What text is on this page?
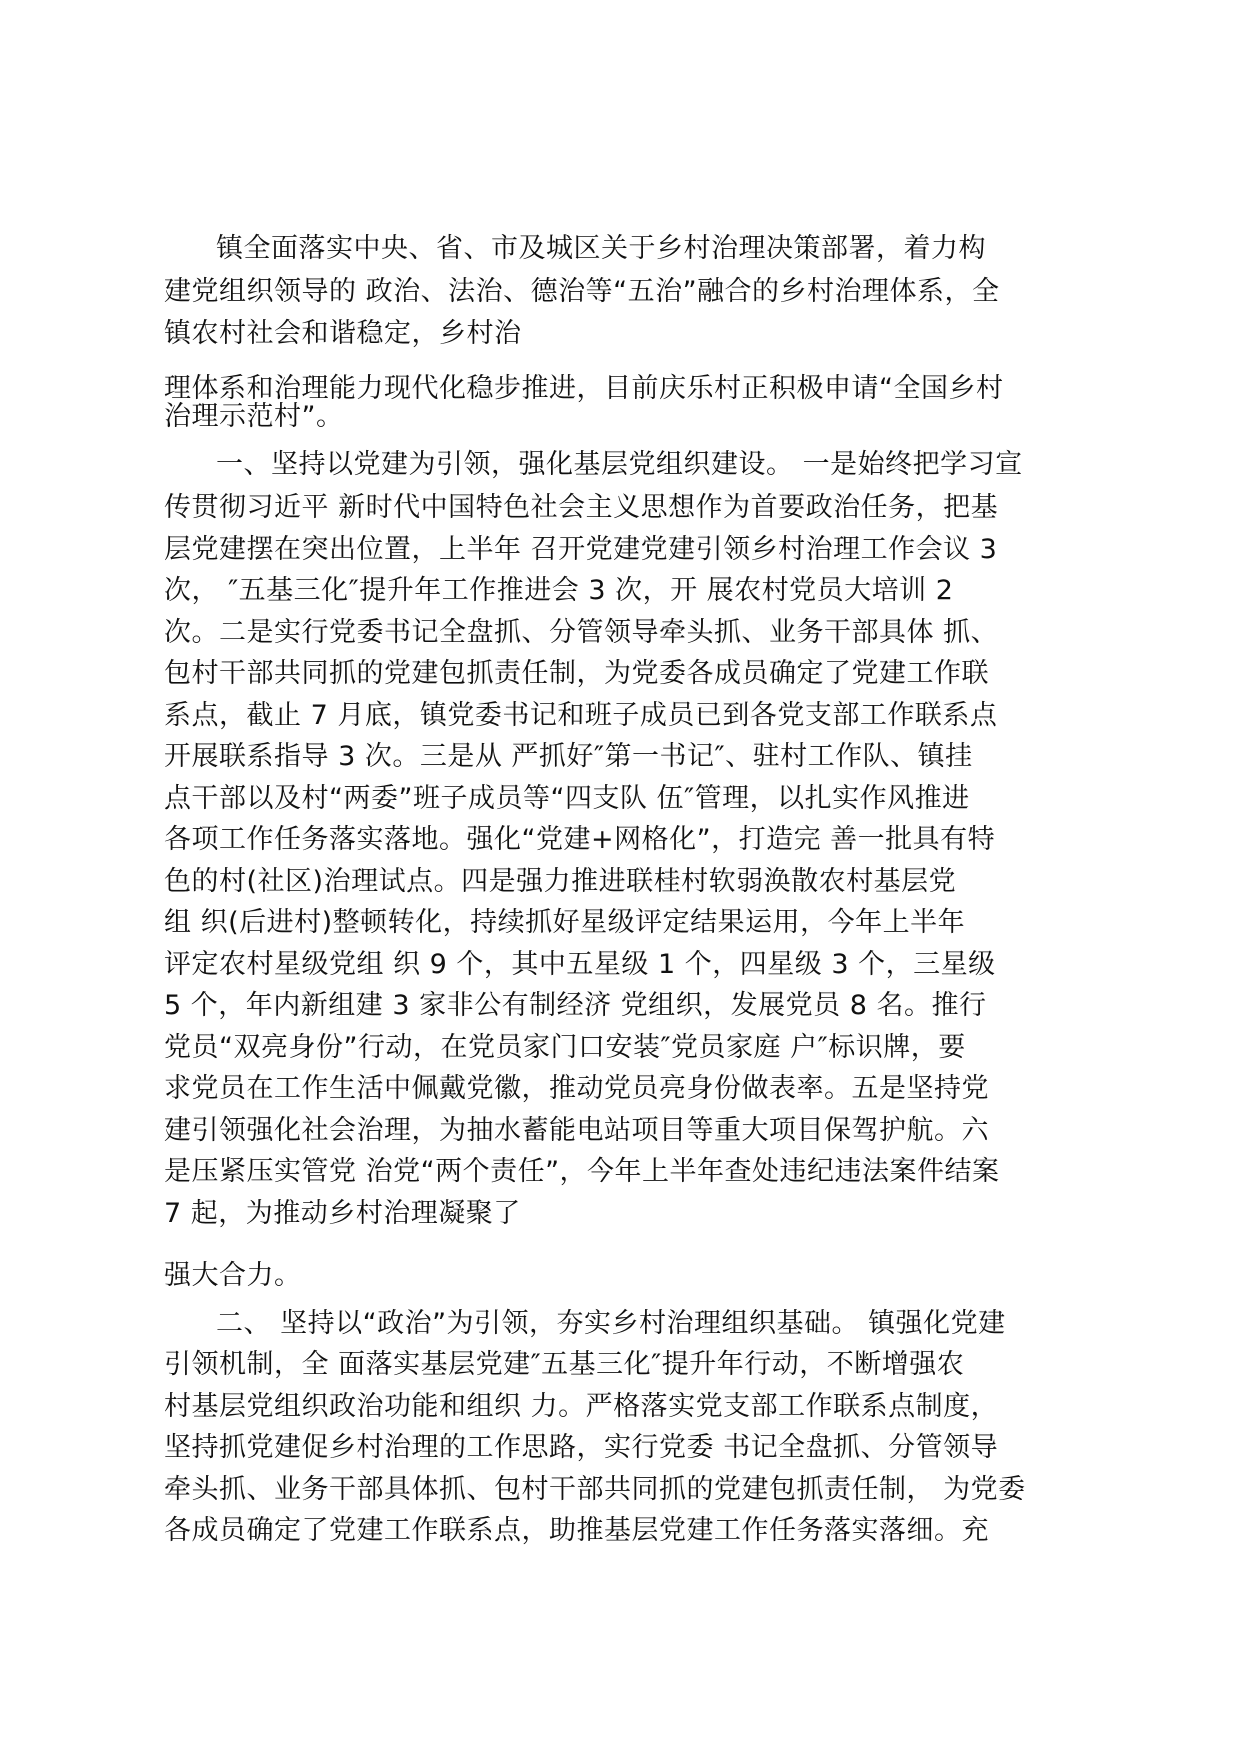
镇全面落实中央、省、市及城区关于乡村治理决策部署，着力构
建党组织领导的 政治、法治、德治等“五治”融合的乡村治理体系，全
镇农村社会和谐稳定，乡村治
理体系和治理能力现代化稳步推进，目前庆乐村正积极申请“全国乡村
治理示范村”。
一、坚持以党建为引领，强化基层党组织建设。 一是始终把学习宣
传贯彻习近平 新时代中国特色社会主义思想作为首要政治任务，把基
层党建摆在突出位置，上半年 召开党建党建引领乡村治理工作会议 3
次， ″五基三化″提升年工作推进会 3 次，开 展农村党员大培训 2
次。二是实行党委书记全盘抓、分管领导牵头抓、业务干部具体 抓、
包村干部共同抓的党建包抓责任制，为党委各成员确定了党建工作联
系点，截止 7 月底，镇党委书记和班子成员已到各党支部工作联系点
开展联系指导 3 次。三是从 严抓好″第一书记″、驻村工作队、镇挂
点干部以及村“两委”班子成员等“四支队 伍″管理，以扎实作风推进
各项工作任务落实落地。强化“党建+网格化”，打造完 善一批具有特
色的村(社区)治理试点。四是强力推进联桂村软弱涣散农村基层党
组 织(后进村)整顿转化，持续抓好星级评定结果运用，今年上半年
评定农村星级党组 织 9 个，其中五星级 1 个，四星级 3 个，三星级
5 个，年内新组建 3 家非公有制经济 党组织，发展党员 8 名。推行
党员“双亮身份”行动，在党员家门口安装″党员家庭 户″标识牌，要
求党员在工作生活中佩戴党徽，推动党员亮身份做表率。五是坚持党
建引领强化社会治理，为抽水蓄能电站项目等重大项目保驾护航。六
是压紧压实管党 治党“两个责任”，今年上半年查处违纪违法案件结案
7 起，为推动乡村治理凝聚了
强大合力。
二、 坚持以“政治”为引领，夯实乡村治理组织基础。 镇强化党建
引领机制，全 面落实基层党建″五基三化″提升年行动，不断增强农
村基层党组织政治功能和组织 力。严格落实党支部工作联系点制度，
坚持抓党建促乡村治理的工作思路，实行党委 书记全盘抓、分管领导
牵头抓、业务干部具体抓、包村干部共同抓的党建包抓责任制， 为党委
各成员确定了党建工作联系点，助推基层党建工作任务落实落细。充
